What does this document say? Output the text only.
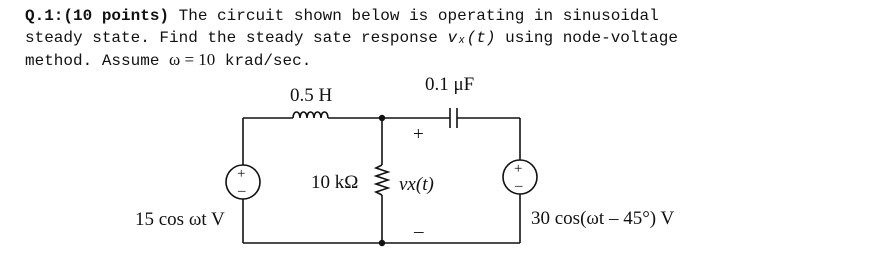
Q.1:(10 points) The circuit shown below is operating in sinusoidal
steady state. Find the steady sate response vₓ(t) using node-voltage
method. Assume ω = 10 krad/sec.
0.5 H
0.1 μF
10 kΩ
+
vx(t)
–
+
–
+
–
15 cos ωt V	30 cos(ωt – 45°) V
